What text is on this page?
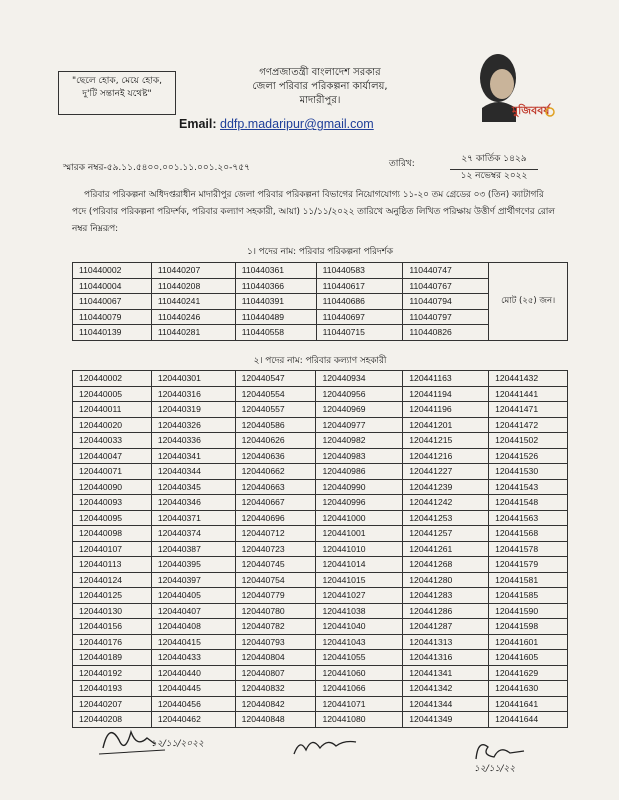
"ছেলে হোক, মেয়ে হোক,
দু'টি সন্তানই যথেষ্ট"
গণপ্রজাতন্ত্রী বাংলাদেশ সরকার
জেলা পরিবার পরিকল্পনা কার্যালয়,
মাদারীপুর।
Email: ddfp.madaripur@gmail.com
মুজিববর্ষ
স্মারক নম্বর-৫৯.১১.৫৪০০.০০১.১১.০০১.২০-৭৫৭	তারিখ:	২৭ কার্তিক ১৪২৯
১২ নভেম্বর ২০২২
পরিবার পরিকল্পনা অধিদপ্তরাধীন মাদারীপুর জেলা পরিবার পরিকল্পনা বিভাগের নিয়োগযোগ্য ১১-২০ তম গ্রেডের ০৩ (তিন) ক্যাটাগরি পদে (পরিবার পরিকল্পনা পরিদর্শক, পরিবার কল্যাণ সহকারী, আয়া) ১১/১১/২০২২ তারিখে অনুষ্ঠিত লিখিত পরিক্ষায় উত্তীর্ণ প্রার্থীগণের রোল নম্বর নিম্নরূপ:
১। পদের নাম: পরিবার পরিকল্পনা পরিদর্শক
110440002	110440207	110440361	110440583	110440747	মোট (২৫) জন।
110440004	110440208	110440366	110440617	110440767	
110440067	110440241	110440391	110440686	110440794	
110440079	110440246	110440489	110440697	110440797	
110440139	110440281	110440558	110440715	110440826	
২। পদের নাম: পরিবার কল্যাণ সহকারী
120440002	120440301	120440547	120440934	120441163	120441432
120440005	120440316	120440554	120440956	120441194	120441441
120440011	120440319	120440557	120440969	120441196	120441471
120440020	120440326	120440586	120440977	120441201	120441472
120440033	120440336	120440626	120440982	120441215	120441502
120440047	120440341	120440636	120440983	120441216	120441526
120440071	120440344	120440662	120440986	120441227	120441530
120440090	120440345	120440663	120440990	120441239	120441543
120440093	120440346	120440667	120440996	120441242	120441548
120440095	120440371	120440696	120441000	120441253	120441563
120440098	120440374	120440712	120441001	120441257	120441568
120440107	120440387	120440723	120441010	120441261	120441578
120440113	120440395	120440745	120441014	120441268	120441579
120440124	120440397	120440754	120441015	120441280	120441581
120440125	120440405	120440779	120441027	120441283	120441585
120440130	120440407	120440780	120441038	120441286	120441590
120440156	120440408	120440782	120441040	120441287	120441598
120440176	120440415	120440793	120441043	120441313	120441601
120440189	120440433	120440804	120441055	120441316	120441605
120440192	120440440	120440807	120441060	120441341	120441629
120440193	120440445	120440832	120441066	120441342	120441630
120440207	120440456	120440842	120441071	120441344	120441641
120440208	120440462	120440848	120441080	120441349	120441644
১২/১১/২০২২
১২/১১/২২
